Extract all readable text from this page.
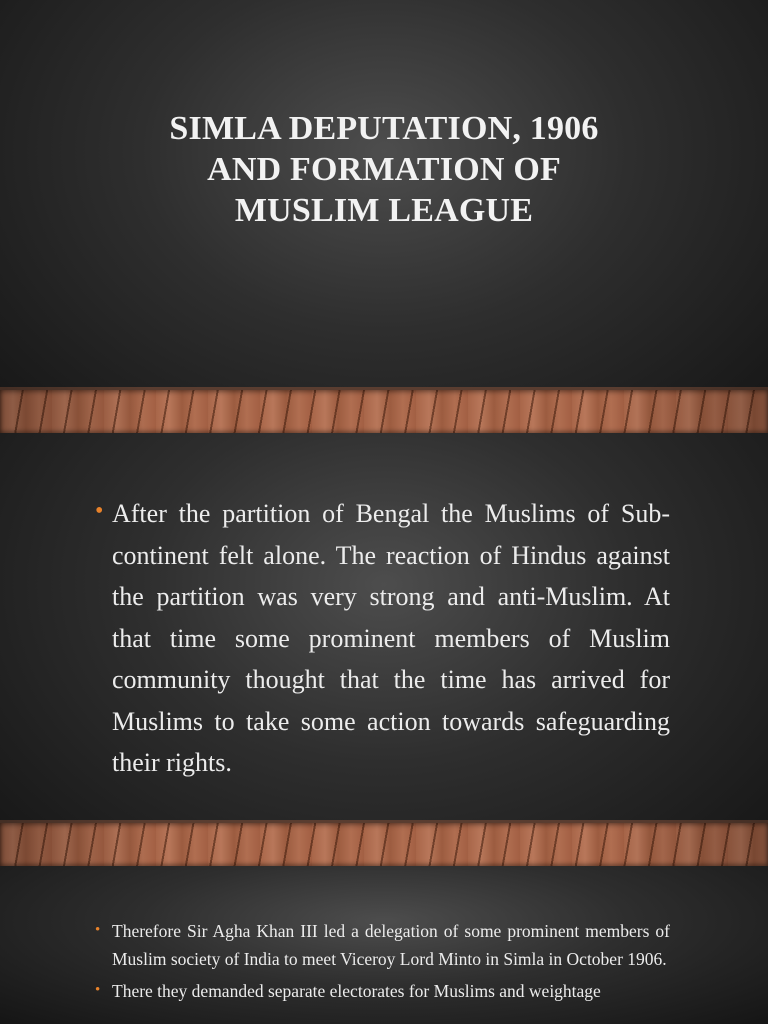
SIMLA DEPUTATION, 1906
AND FORMATION OF
MUSLIM LEAGUE
• After the partition of Bengal the Muslims of Sub-continent felt alone. The reaction of Hindus against the partition was very strong and anti-Muslim. At that time some prominent members of Muslim community thought that the time has arrived for Muslims to take some action towards safeguarding their rights.
• Therefore Sir Agha Khan III led a delegation of some prominent members of Muslim society of India to meet Viceroy Lord Minto in Simla in October 1906.
• There they demanded separate electorates for Muslims and weightage
